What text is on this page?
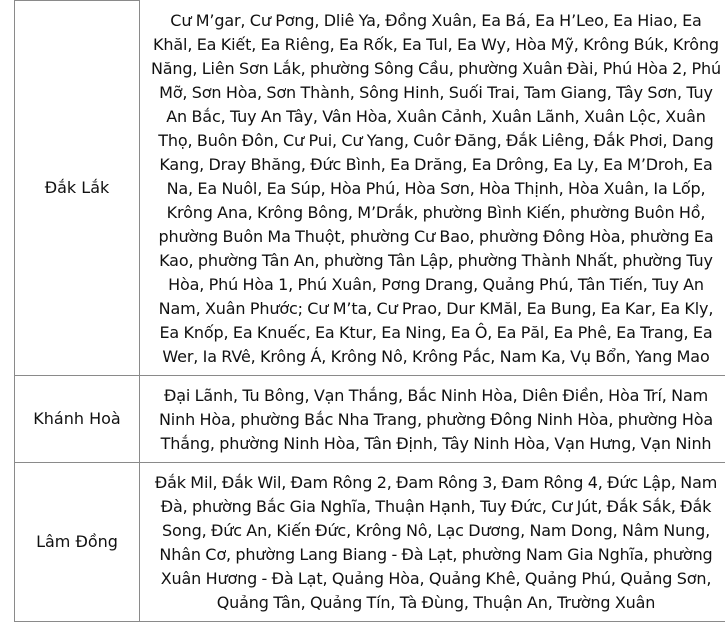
Đắk Lắk	Cư M’gar, Cư Pơng, Dliê Ya, Đồng Xuân, Ea Bá, Ea H’Leo, Ea Hiao, Ea Khăl, Ea Kiết, Ea Riêng, Ea Rốk, Ea Tul, Ea Wy, Hòa Mỹ, Krông Búk, Krông Năng, Liên Sơn Lắk, phường Sông Cầu, phường Xuân Đài, Phú Hòa 2, Phú Mỡ, Sơn Hòa, Sơn Thành, Sông Hinh, Suối Trai, Tam Giang, Tây Sơn, Tuy An Bắc, Tuy An Tây, Vân Hòa, Xuân Cảnh, Xuân Lãnh, Xuân Lộc, Xuân Thọ, Buôn Đôn, Cư Pui, Cư Yang, Cuôr Đăng, Đắk Liêng, Đắk Phơi, Dang Kang, Dray Bhăng, Đức Bình, Ea Drăng, Ea Drông, Ea Ly, Ea M’Droh, Ea Na, Ea Nuôl, Ea Súp, Hòa Phú, Hòa Sơn, Hòa Thịnh, Hòa Xuân, Ia Lốp, Krông Ana, Krông Bông, M’Drắk, phường Bình Kiến, phường Buôn Hồ, phường Buôn Ma Thuột, phường Cư Bao, phường Đông Hòa, phường Ea Kao, phường Tân An, phường Tân Lập, phường Thành Nhất, phường Tuy Hòa, Phú Hòa 1, Phú Xuân, Pơng Drang, Quảng Phú, Tân Tiến, Tuy An Nam, Xuân Phước; Cư M’ta, Cư Prao, Dur KMăl, Ea Bung, Ea Kar, Ea Kly, Ea Knốp, Ea Knuếc, Ea Ktur, Ea Ning, Ea Ô, Ea Păl, Ea Phê, Ea Trang, Ea Wer, Ia RVê, Krông Á, Krông Nô, Krông Pắc, Nam Ka, Vụ Bổn, Yang Mao
Khánh Hoà	Đại Lãnh, Tu Bông, Vạn Thắng, Bắc Ninh Hòa, Diên Điền, Hòa Trí, Nam Ninh Hòa, phường Bắc Nha Trang, phường Đông Ninh Hòa, phường Hòa Thắng, phường Ninh Hòa, Tân Định, Tây Ninh Hòa, Vạn Hưng, Vạn Ninh
Lâm Đồng	Đắk Mil, Đắk Wil, Đam Rông 2, Đam Rông 3, Đam Rông 4, Đức Lập, Nam Đà, phường Bắc Gia Nghĩa, Thuận Hạnh, Tuy Đức, Cư Jút, Đắk Sắk, Đắk Song, Đức An, Kiến Đức, Krông Nô, Lạc Dương, Nam Dong, Nâm Nung, Nhân Cơ, phường Lang Biang - Đà Lạt, phường Nam Gia Nghĩa, phường Xuân Hương - Đà Lạt, Quảng Hòa, Quảng Khê, Quảng Phú, Quảng Sơn, Quảng Tân, Quảng Tín, Tà Đùng, Thuận An, Trường Xuân
